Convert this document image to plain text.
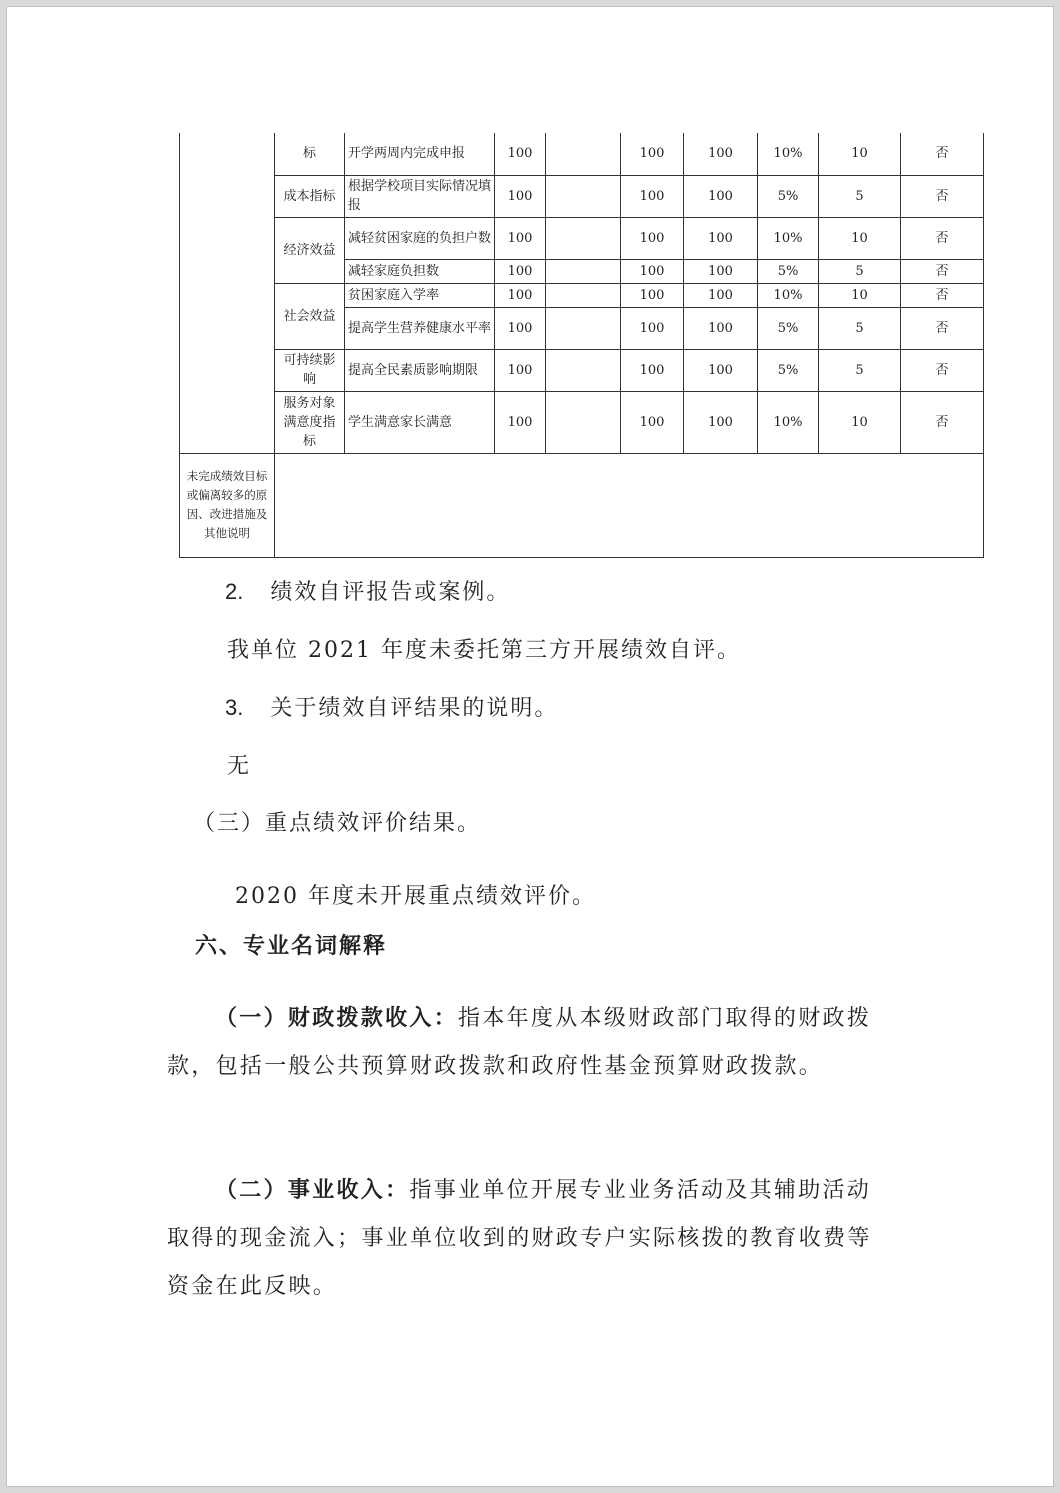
	标	开学两周内完成申报	100		100	100	10%	10	否
	成本指标	根据学校项目实际情况填报	100		100	100	5%	5	否
	经济效益	减轻贫困家庭的负担户数	100		100	100	10%	10	否
		减轻家庭负担数	100		100	100	5%	5	否
	社会效益	贫困家庭入学率	100		100	100	10%	10	否
		提高学生营养健康水平率	100		100	100	5%	5	否
	可持续影响	提高全民素质影响期限	100		100	100	5%	5	否
	服务对象满意度指标	学生满意家长满意	100		100	100	10%	10	否
未完成绩效目标或偏离较多的原因、改进措施及其他说明									
2. 绩效自评报告或案例。
我单位 2021 年度未委托第三方开展绩效自评。
3. 关于绩效自评结果的说明。
无
（三）重点绩效评价结果。
2020 年度未开展重点绩效评价。
六、专业名词解释
（一）财政拨款收入：指本年度从本级财政部门取得的财政拨款，包括一般公共预算财政拨款和政府性基金预算财政拨款。
（二）事业收入：指事业单位开展专业业务活动及其辅助活动取得的现金流入；事业单位收到的财政专户实际核拨的教育收费等资金在此反映。
